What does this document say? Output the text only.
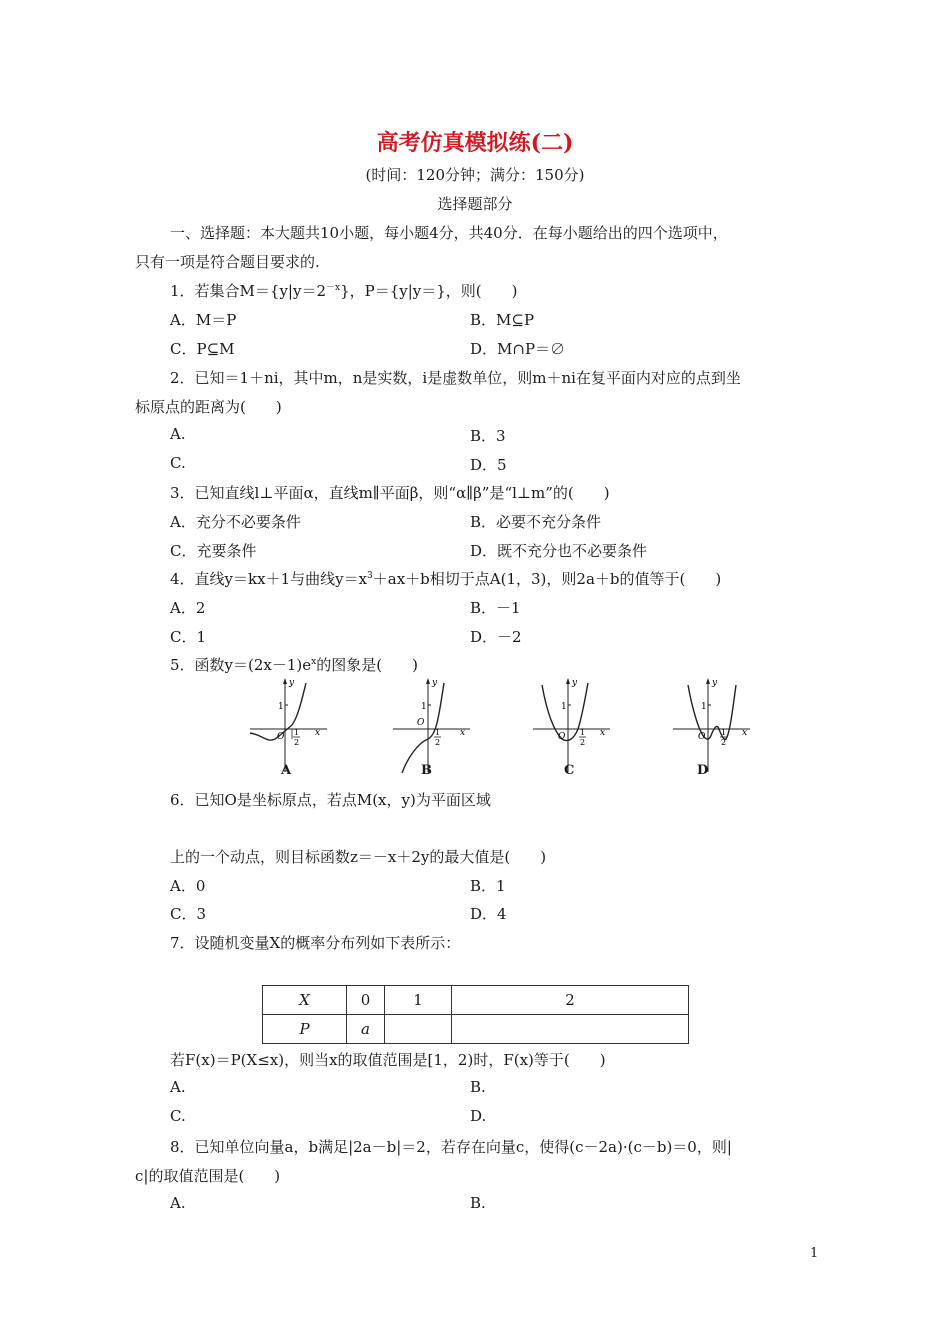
高考仿真模拟练(二)
(时间：120分钟；满分：150分)
选择题部分
一、选择题：本大题共10小题，每小题4分，共40分．在每小题给出的四个选项中，
只有一项是符合题目要求的.
1．若集合$M=\{y|y=2^{-x}\}$，P＝{y|y＝}，则(　　)
A．M＝P	B．M⊆P
C．P⊆M	D．M∩P＝∅
2．已知＝1＋ni，其中m，n是实数，i是虚数单位，则m＋ni在复平面内对应的点到坐
标原点的距离为(　　)
A.	B．3
C.	D．5
3．已知直线l⊥平面α，直线m∥平面β，则“α∥β”是“l⊥m”的(　　)
A．充分不必要条件	B．必要不充分条件
C．充要条件	D．既不充分也不必要条件
4．直线y＝kx＋1与曲线$y=x^3+ax+b$相切于点A(1，3)，则2a＋b的值等于(　　)
A．2	B．－1
C．1	D．－2
5．函数$y=(2x-1)e^x$的图象是(　　)
y
1
O 1
2
x
A
y
1
O
1
2
x
B
y
1
O 1
2
x
C
y
1
O 1
2
x
D
6．已知O是坐标原点，若点M(x，y)为平面区域
上的一个动点，则目标函数z＝－x＋2y的最大值是(　　)
A．0	B．1
C．3	D．4
7．设随机变量X的概率分布列如下表所示：
X	0	1	2
P	a		
若F(x)＝P(X≤x)，则当x的取值范围是[1，2)时，F(x)等于(　　)
A.	B.
C.	D.
8．已知单位向量a，b满足|2a－b|＝2，若存在向量c，使得(c－2a)·(c－b)＝0，则|
c|的取值范围是(　　)
A.	B.
1
